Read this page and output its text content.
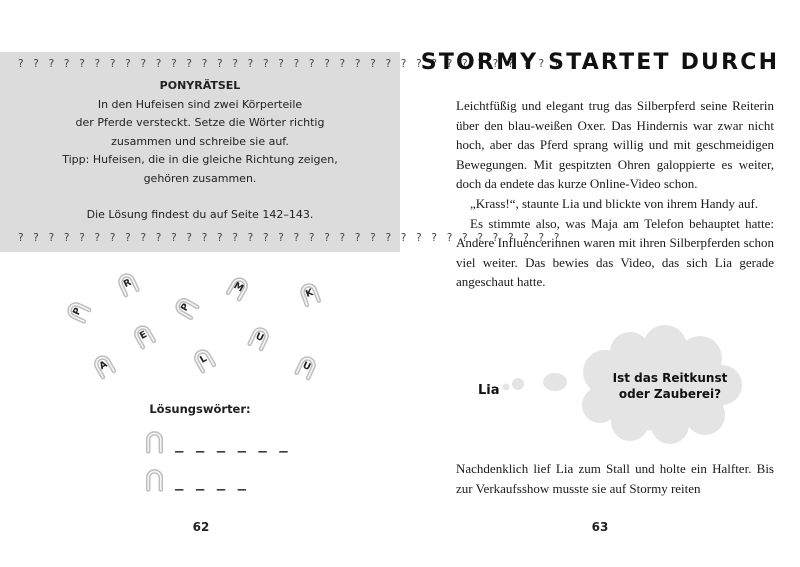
? ? ? ? ? ? ? ? ? ? ? ? ? ? ? ? ? ? ? ? ? ? ? ? ? ? ? ? ? ? ? ? ? ? ? ?
PONYRÄTSEL
In den Hufeisen sind zwei Körperteile
der Pferde versteckt. Setze die Wörter richtig
zusammen und schreibe sie auf.
Tipp: Hufeisen, die in die gleiche Richtung zeigen,
gehören zusammen.
Die Lösung findest du auf Seite 142–143.
? ? ? ? ? ? ? ? ? ? ? ? ? ? ? ? ? ? ? ? ? ? ? ? ? ? ? ? ? ? ? ? ? ? ? ?
R	M	K
P	P
E	U
A	L
U
Lösungswörter:
_ _ _ _ _ _
_ _ _ _
62
STORMY STARTET DURCH

Leichtfüßig und elegant trug das Silberpferd seine Reiterin über den blau-weißen Oxer. Das Hindernis war zwar nicht hoch, aber das Pferd sprang willig und mit geschmeidigen Bewegungen. Mit gespitzten Ohren galoppierte es weiter, doch da endete das kurze Online-Video schon.

„Krass!“, staunte Lia und blickte von ihrem Handy auf.

Es stimmte also, was Maja am Telefon behauptet hatte: Andere Influencerinnen waren mit ihren Silberpferden schon viel weiter. Das bewies das Video, das sich Lia gerade angeschaut hatte.

Lia
Ist das Reitkunst
oder Zauberei?

Nachdenklich lief Lia zum Stall und holte ein Halfter. Bis zur Verkaufsshow musste sie auf Stormy reiten

63
